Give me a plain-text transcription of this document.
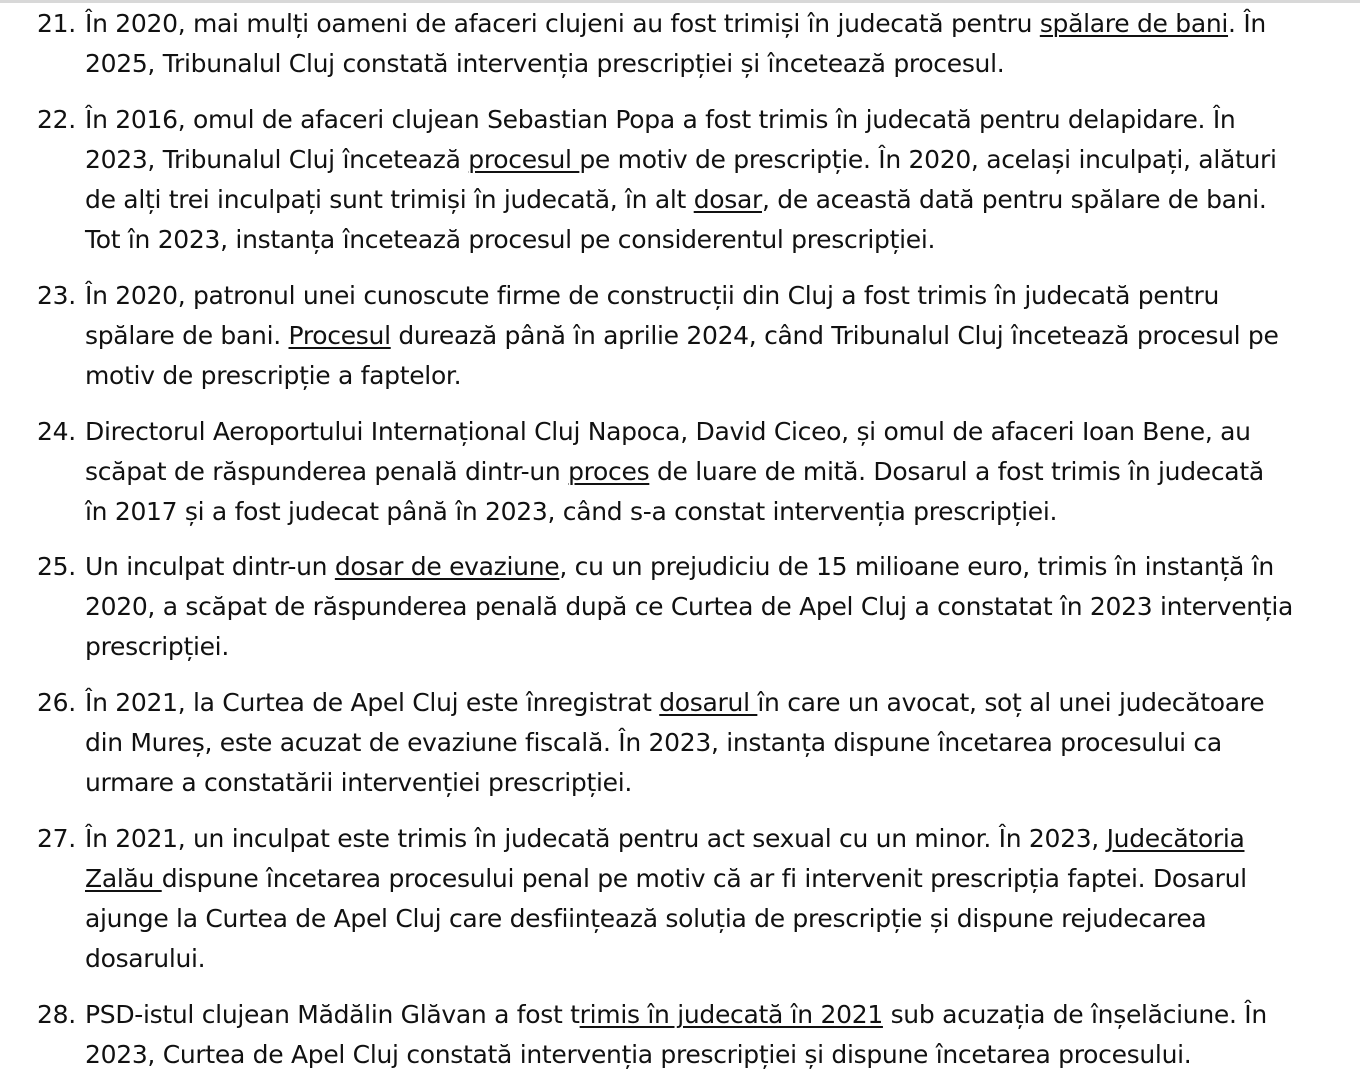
21. În 2020, mai mulți oameni de afaceri clujeni au fost trimiși în judecată pentru spălare de bani. În
2025, Tribunalul Cluj constată intervenția prescripției și încetează procesul.
22. În 2016, omul de afaceri clujean Sebastian Popa a fost trimis în judecată pentru delapidare. În
2023, Tribunalul Cluj încetează procesul pe motiv de prescripție. În 2020, același inculpați, alături
de alți trei inculpați sunt trimiși în judecată, în alt dosar, de această dată pentru spălare de bani.
Tot în 2023, instanța încetează procesul pe considerentul prescripției.
23. În 2020, patronul unei cunoscute firme de construcții din Cluj a fost trimis în judecată pentru
spălare de bani. Procesul durează până în aprilie 2024, când Tribunalul Cluj încetează procesul pe
motiv de prescripție a faptelor.
24. Directorul Aeroportului Internațional Cluj Napoca, David Ciceo, și omul de afaceri Ioan Bene, au
scăpat de răspunderea penală dintr-un proces de luare de mită. Dosarul a fost trimis în judecată
în 2017 și a fost judecat până în 2023, când s-a constat intervenția prescripției.
25. Un inculpat dintr-un dosar de evaziune, cu un prejudiciu de 15 milioane euro, trimis în instanță în
2020, a scăpat de răspunderea penală după ce Curtea de Apel Cluj a constatat în 2023 intervenția
prescripției.
26. În 2021, la Curtea de Apel Cluj este înregistrat dosarul în care un avocat, soț al unei judecătoare
din Mureș, este acuzat de evaziune fiscală. În 2023, instanța dispune încetarea procesului ca
urmare a constatării intervenției prescripției.
27. În 2021, un inculpat este trimis în judecată pentru act sexual cu un minor. În 2023, Judecătoria
Zalău dispune încetarea procesului penal pe motiv că ar fi intervenit prescripția faptei. Dosarul
ajunge la Curtea de Apel Cluj care desființează soluția de prescripție și dispune rejudecarea
dosarului.
28. PSD-istul clujean Mădălin Glăvan a fost trimis în judecată în 2021 sub acuzația de înșelăciune. În
2023, Curtea de Apel Cluj constată intervenția prescripției și dispune încetarea procesului.
